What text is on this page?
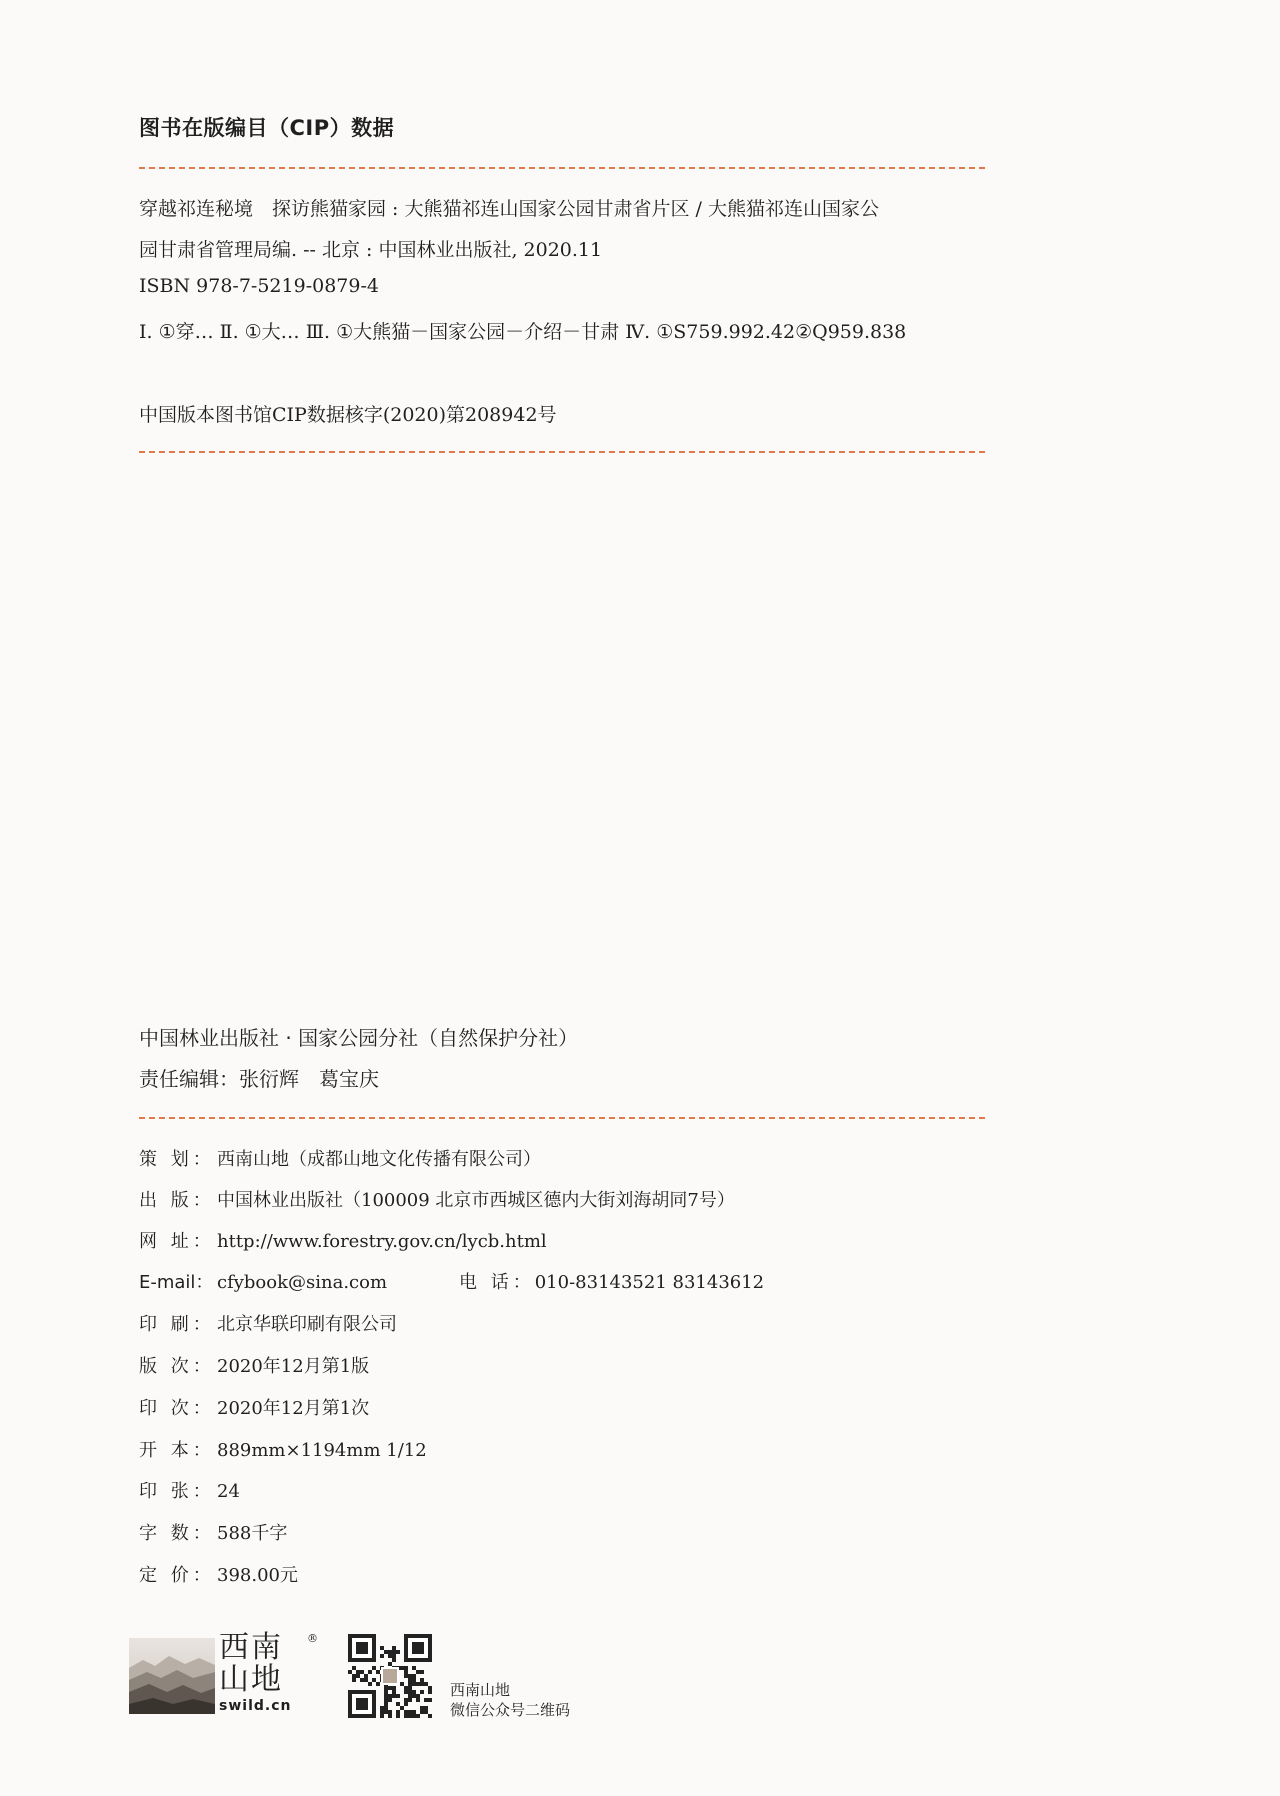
图书在版编目（CIP）数据
穿越祁连秘境　探访熊猫家园 : 大熊猫祁连山国家公园甘肃省片区 / 大熊猫祁连山国家公
园甘肃省管理局编. -- 北京 : 中国林业出版社, 2020.11
ISBN 978-7-5219-0879-4
Ⅰ. ①穿… Ⅱ. ①大… Ⅲ. ①大熊猫－国家公园－介绍－甘肃 Ⅳ. ①S759.992.42②Q959.838
中国版本图书馆CIP数据核字(2020)第208942号
中国林业出版社 · 国家公园分社（自然保护分社）
责任编辑：张衍辉　葛宝庆
策 划： 西南山地（成都山地文化传播有限公司）
出 版： 中国林业出版社（100009 北京市西城区德内大街刘海胡同7号）
网 址： http://www.forestry.gov.cn/lycb.html
E-mail： cfybook@sina.com	电 话：010-83143521 83143612
印 刷： 北京华联印刷有限公司
版 次： 2020年12月第1版
印 次： 2020年12月第1次
开 本： 889mm×1194mm 1/12
印 张： 24
字 数： 588千字
定 价： 398.00元
西南山地
®
swild.cn
西南山地
微信公众号二维码
